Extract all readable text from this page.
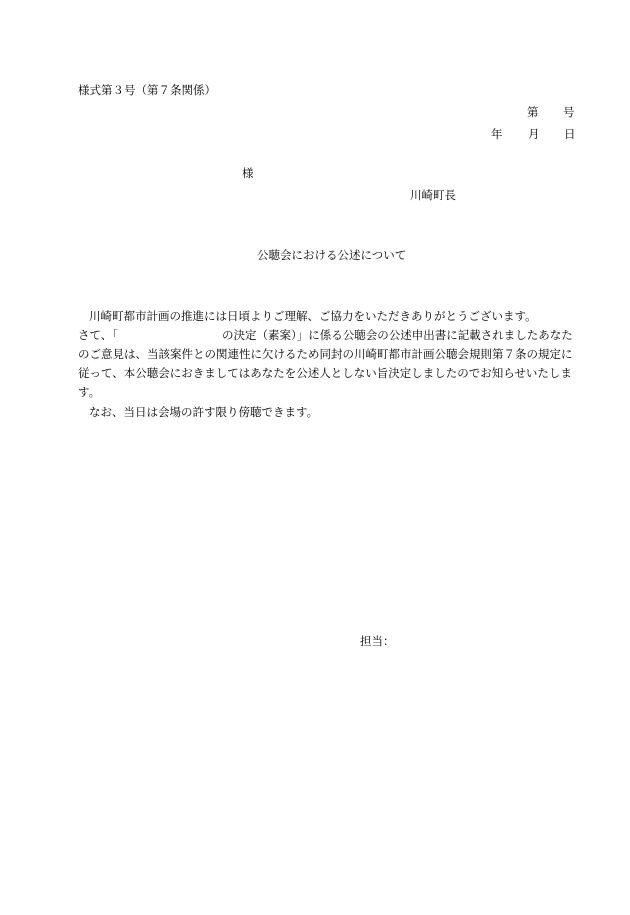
様式第３号（第７条関係）
第 号
年 月 日
様
川崎町長
公聴会における公述について
川崎町都市計画の推進には日頃よりご理解、ご協力をいただきありがとうございます。
さて、「	の決定（素案）」に係る公聴会の公述申出書に記載されましたあなた
のご意見は、当該案件との関連性に欠けるため同封の川崎町都市計画公聴会規則第７条の規定に
従って、本公聴会におきましてはあなたを公述人としない旨決定しましたのでお知らせいたしま
す。
なお、当日は会場の許す限り傍聴できます。
担当：
